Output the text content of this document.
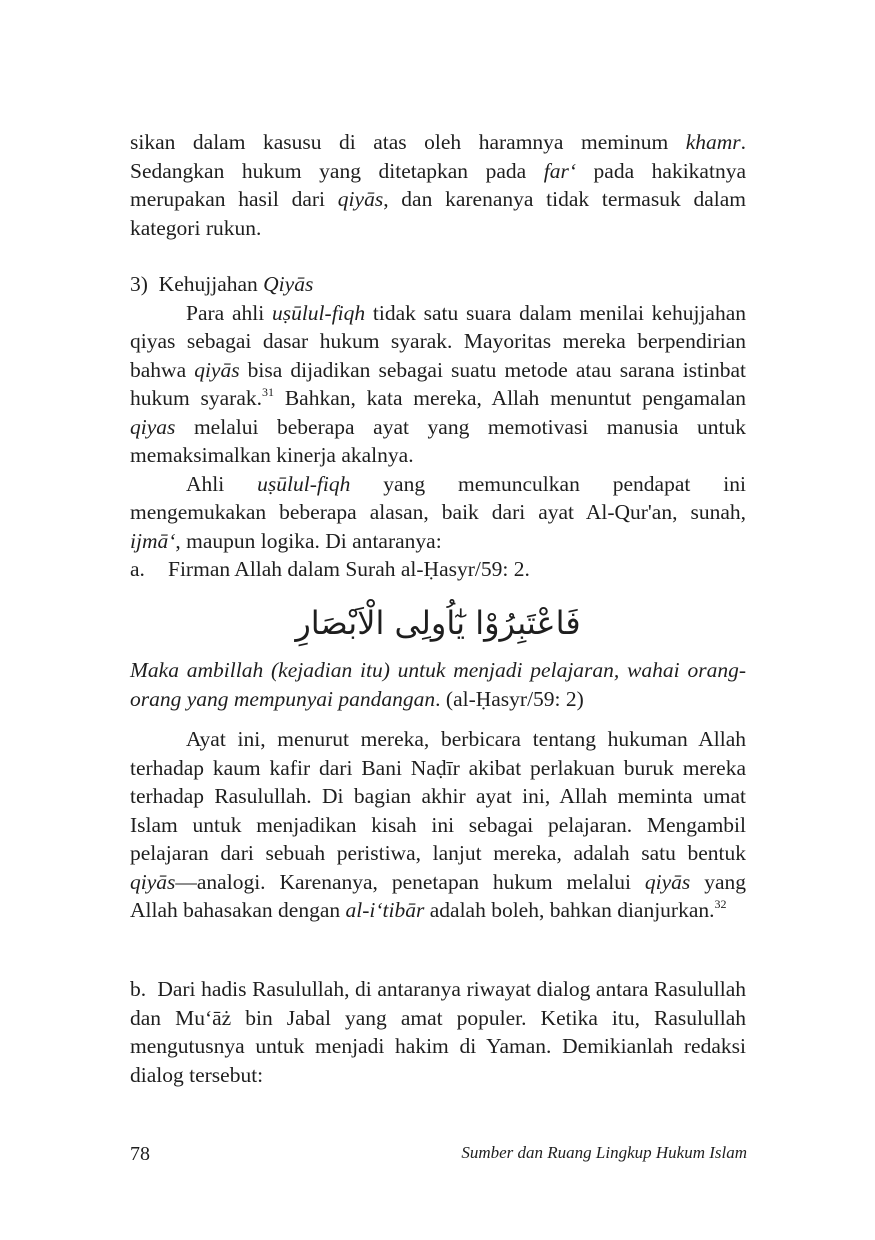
sikan dalam kasusu di atas oleh haramnya meminum khamr. Sedangkan hukum yang ditetapkan pada far‘ pada hakikatnya merupakan hasil dari qiyās, dan karenanya tidak termasuk dalam kategori rukun.

3) Kehujjahan Qiyās

Para ahli uṣūlul-fiqh tidak satu suara dalam menilai kehujjahan qiyas sebagai dasar hukum syarak. Mayoritas mereka berpendirian bahwa qiyās bisa dijadikan sebagai suatu metode atau sarana istinbat hukum syarak.$^{31}$ Bahkan, kata mereka, Allah menuntut pengamalan qiyas melalui beberapa ayat yang memotivasi manusia untuk memaksimalkan kinerja akalnya.

Ahli uṣūlul-fiqh yang memunculkan pendapat ini mengemukakan beberapa alasan, baik dari ayat Al-Qur'an, sunah, ijmā‘, maupun logika. Di antaranya:

a.	Firman Allah dalam Surah al-Ḥasyr/59: 2.

فَاعْتَبِرُوْا يٰٓاُولِى الْاَبْصَارِ

Maka ambillah (kejadian itu) untuk menjadi pelajaran, wahai orang-orang yang mempunyai pandangan. (al-Ḥasyr/59: 2)

Ayat ini, menurut mereka, berbicara tentang hukuman Allah terhadap kaum kafir dari Bani Naḍīr akibat perlakuan buruk mereka terhadap Rasulullah. Di bagian akhir ayat ini, Allah meminta umat Islam untuk menjadikan kisah ini sebagai pelajaran. Mengambil pelajaran dari sebuah peristiwa, lanjut mereka, adalah satu bentuk qiyās—analogi. Karenanya, penetapan hukum melalui qiyās yang Allah bahasakan dengan al-i‘tibār adalah boleh, bahkan dianjurkan.$^{32}$

b. Dari hadis Rasulullah, di antaranya riwayat dialog antara Rasulullah dan Mu‘āż bin Jabal yang amat populer. Ketika itu, Rasulullah mengutusnya untuk menjadi hakim di Yaman. Demikianlah redaksi dialog tersebut:

78	Sumber dan Ruang Lingkup Hukum Islam
